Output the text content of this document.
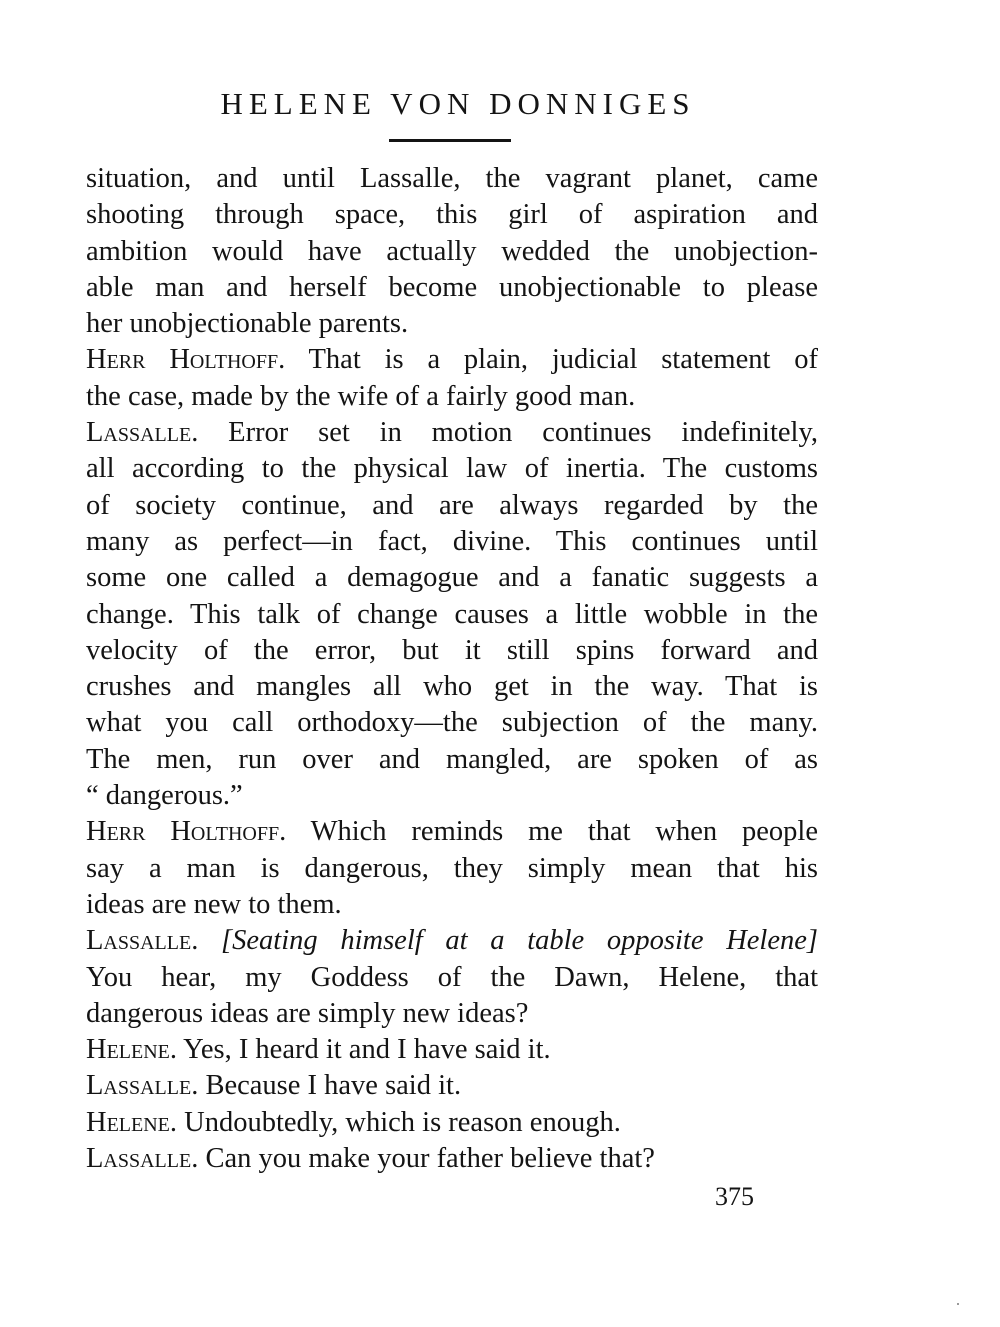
HELENE VON DONNIGES
situation, and until Lassalle, the vagrant planet, came
shooting through space, this girl of aspiration and
ambition would have actually wedded the unobjection-
able man and herself become unobjectionable to please
her unobjectionable parents.
Herr Holthoff. That is a plain, judicial statement of
the case, made by the wife of a fairly good man.
Lassalle. Error set in motion continues indefinitely,
all according to the physical law of inertia. The customs
of society continue, and are always regarded by the
many as perfect—in fact, divine. This continues until
some one called a demagogue and a fanatic suggests a
change. This talk of change causes a little wobble in the
velocity of the error, but it still spins forward and
crushes and mangles all who get in the way. That is
what you call orthodoxy—the subjection of the many.
The men, run over and mangled, are spoken of as
“ dangerous.”
Herr Holthoff. Which reminds me that when people
say a man is dangerous, they simply mean that his
ideas are new to them.
Lassalle. [Seating himself at a table opposite Helene]
You hear, my Goddess of the Dawn, Helene, that
dangerous ideas are simply new ideas?
Helene. Yes, I heard it and I have said it.
Lassalle. Because I have said it.
Helene. Undoubtedly, which is reason enough.
Lassalle. Can you make your father believe that?
375
